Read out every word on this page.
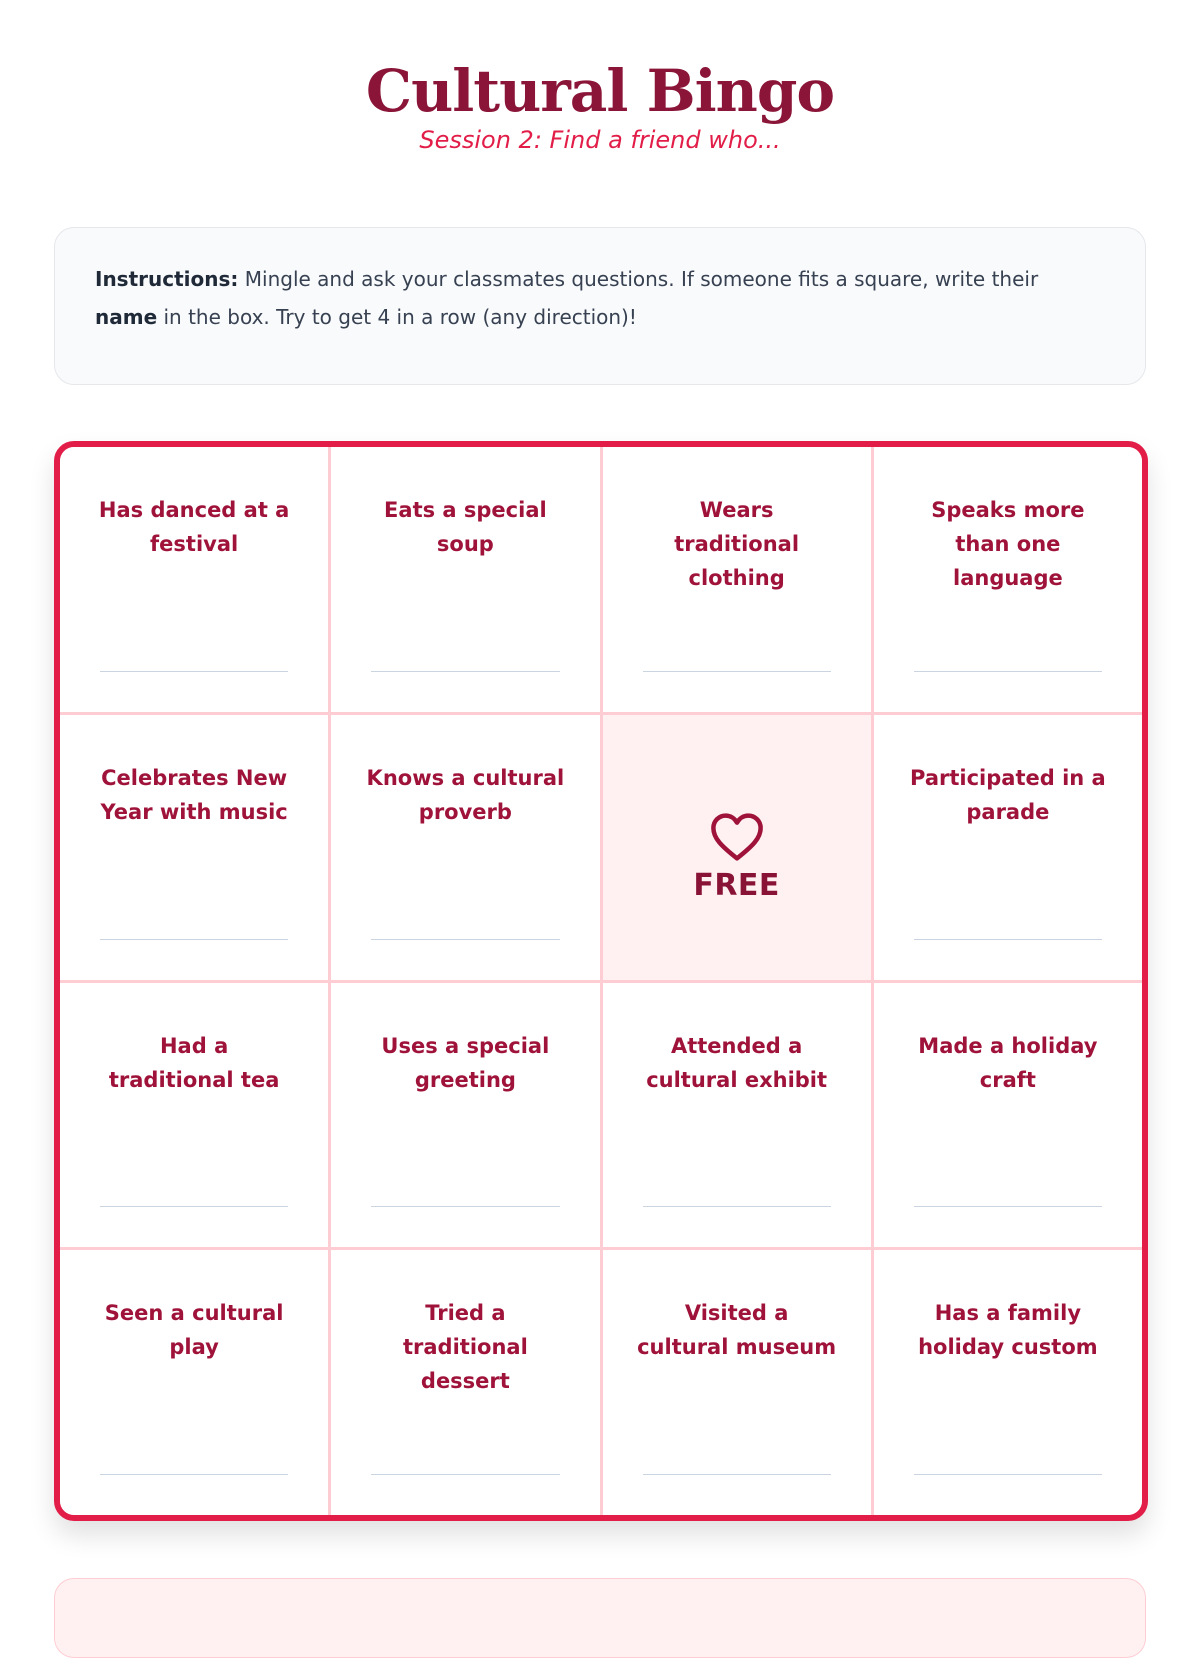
Cultural Bingo
Session 2: Find a friend who...
Instructions: Mingle and ask your classmates questions. If someone fits a square, write their name in the box. Try to get 4 in a row (any direction)!
Has danced at a festival
Eats a special soup
Wears traditional clothing
Speaks more than one language
Celebrates New Year with music
Knows a cultural proverb
FREE
Participated in a parade
Had a traditional tea
Uses a special greeting
Attended a cultural exhibit
Made a holiday craft
Seen a cultural play
Tried a traditional dessert
Visited a cultural museum
Has a family holiday custom
